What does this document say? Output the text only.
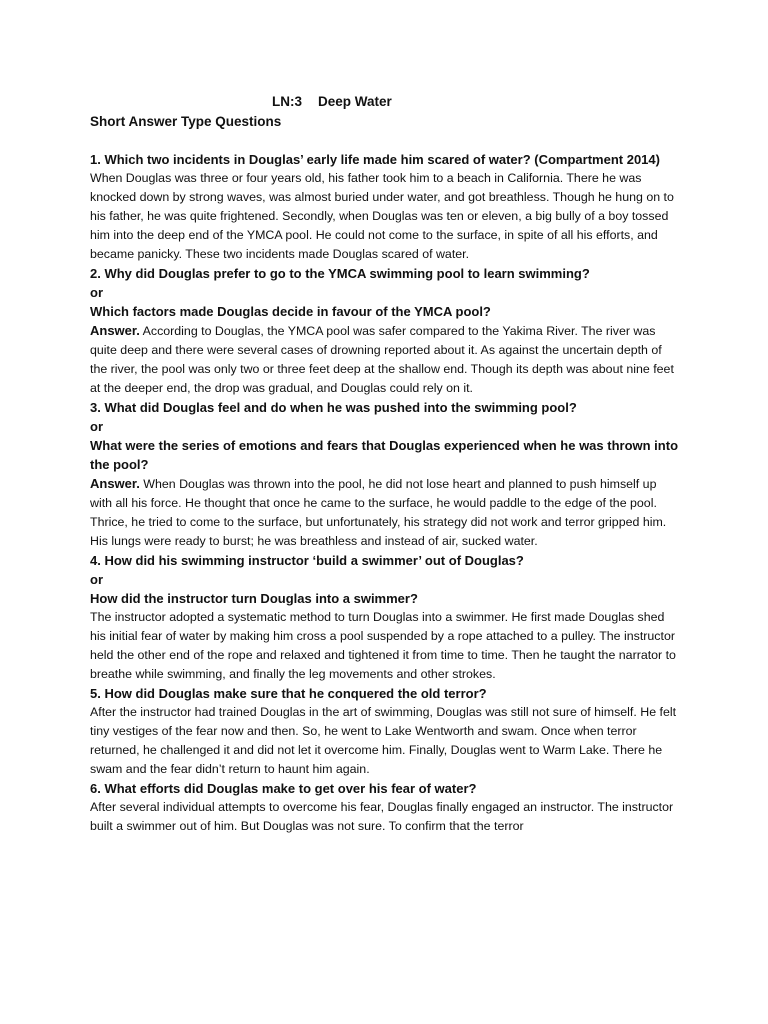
LN:3 Deep Water

Short Answer Type Questions

1. Which two incidents in Douglas’ early life made him scared of water? (Compartment 2014)

When Douglas was three or four years old, his father took him to a beach in California. There he was knocked down by strong waves, was almost buried under water, and got breathless. Though he hung on to his father, he was quite frightened. Secondly, when Douglas was ten or eleven, a big bully of a boy tossed him into the deep end of the YMCA pool. He could not come to the surface, in spite of all his efforts, and became panicky. These two incidents made Douglas scared of water.

2. Why did Douglas prefer to go to the YMCA swimming pool to learn swimming?

or

Which factors made Douglas decide in favour of the YMCA pool?

Answer. According to Douglas, the YMCA pool was safer compared to the Yakima River. The river was quite deep and there were several cases of drowning reported about it. As against the uncertain depth of the river, the pool was only two or three feet deep at the shallow end. Though its depth was about nine feet at the deeper end, the drop was gradual, and Douglas could rely on it.

3. What did Douglas feel and do when he was pushed into the swimming pool?

or

What were the series of emotions and fears that Douglas experienced when he was thrown into the pool?

Answer. When Douglas was thrown into the pool, he did not lose heart and planned to push himself up with all his force. He thought that once he came to the surface, he would paddle to the edge of the pool. Thrice, he tried to come to the surface, but unfortunately, his strategy did not work and terror gripped him. His lungs were ready to burst; he was breathless and instead of air, sucked water.

4. How did his swimming instructor ‘build a swimmer’ out of Douglas?

or

How did the instructor turn Douglas into a swimmer?

The instructor adopted a systematic method to turn Douglas into a swimmer. He first made Douglas shed his initial fear of water by making him cross a pool suspended by a rope attached to a pulley. The instructor held the other end of the rope and relaxed and tightened it from time to time. Then he taught the narrator to breathe while swimming, and finally the leg movements and other strokes.

5. How did Douglas make sure that he conquered the old terror?

After the instructor had trained Douglas in the art of swimming, Douglas was still not sure of himself. He felt tiny vestiges of the fear now and then. So, he went to Lake Wentworth and swam. Once when terror returned, he challenged it and did not let it overcome him. Finally, Douglas went to Warm Lake. There he swam and the fear didn’t return to haunt him again.

6. What efforts did Douglas make to get over his fear of water?

After several individual attempts to overcome his fear, Douglas finally engaged an instructor. The instructor built a swimmer out of him. But Douglas was not sure. To confirm that the terror
